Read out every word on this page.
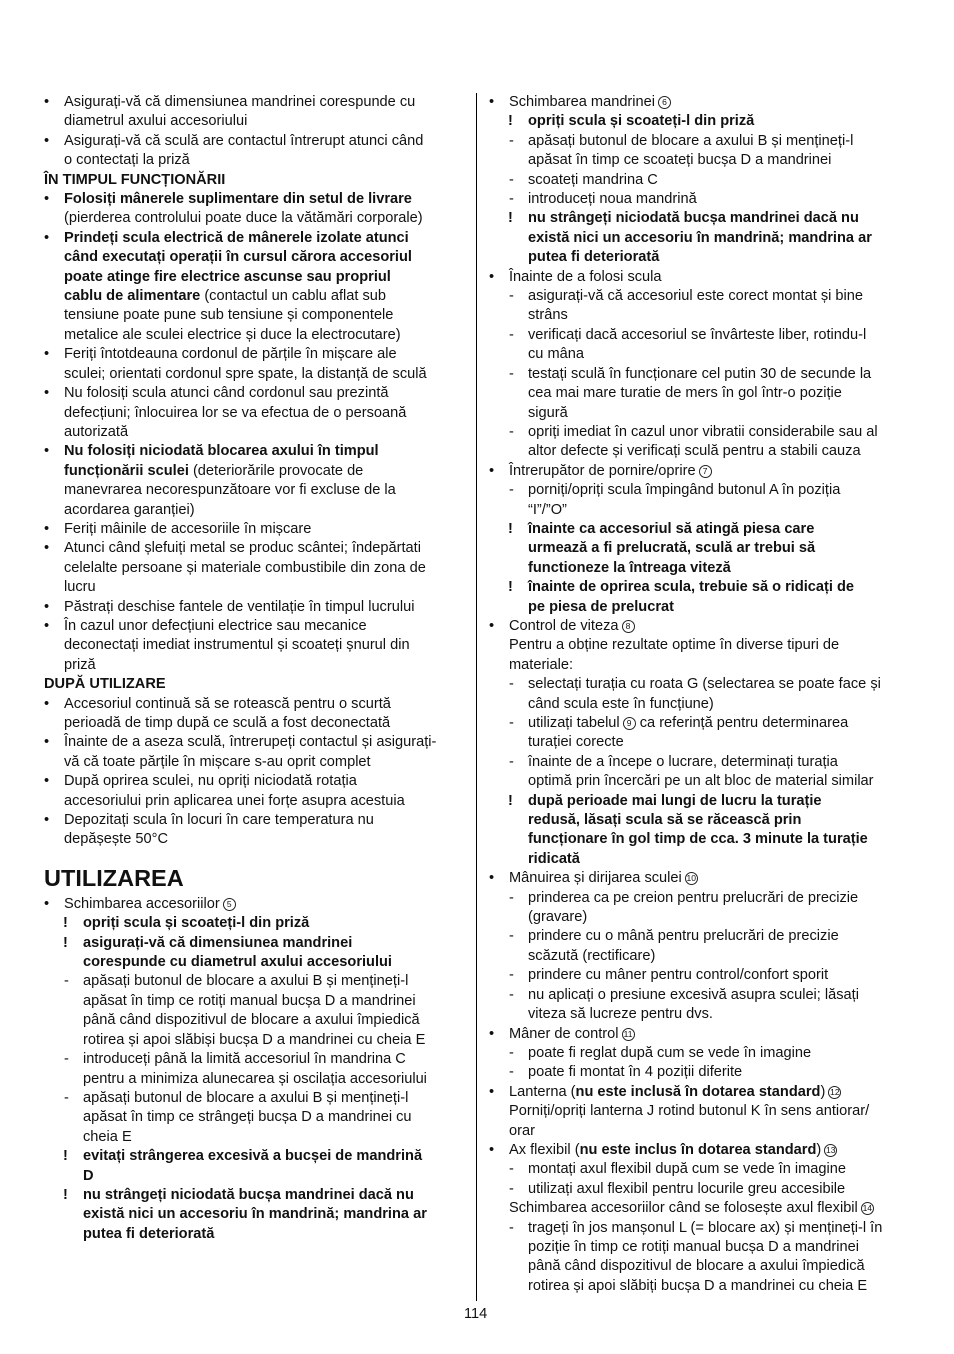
• Asigurați-vă că dimensiunea mandrinei corespunde cu
diametrul axului accesoriului
• Asigurați-vă că sculă are contactul întrerupt atunci când
o contectați la priză
ÎN TIMPUL FUNCȚIONĂRII
• Folosiți mânerele suplimentare din setul de livrare
(pierderea controlului poate duce la vătămări corporale)
• Prindeți scula electrică de mânerele izolate atunci
când executați operații în cursul cărora accesoriul
poate atinge fire electrice ascunse sau propriul
cablu de alimentare (contactul un cablu aflat sub
tensiune poate pune sub tensiune și componentele
metalice ale sculei electrice și duce la electrocutare)
• Feriți întotdeauna cordonul de părțile în mișcare ale
sculei; orientati cordonul spre spate, la distanță de sculă
• Nu folosiți scula atunci când cordonul sau prezintă
defecțiuni; înlocuirea lor se va efectua de o persoană
autorizată
• Nu folosiți niciodată blocarea axului în timpul
funcționării sculei (deteriorările provocate de
manevrarea necorespunzătoare vor fi excluse de la
acordarea garanției)
• Feriți mâinile de accesoriile în mișcare
• Atunci când șlefuiți metal se produc scântei; îndepărtati
celelalte persoane și materiale combustibile din zona de
lucru
• Păstrați deschise fantele de ventilație în timpul lucrului
• În cazul unor defecțiuni electrice sau mecanice
deconectați imediat instrumentul și scoateți șnurul din
priză
DUPĂ UTILIZARE
• Accesoriul continuă să se rotească pentru o scurtă
perioadă de timp după ce sculă a fost deconectată
• Înainte de a aseza sculă, întrerupeți contactul și asigurați-
vă că toate părțile în mișcare s-au oprit complet
• După oprirea sculei, nu opriți niciodată rotația
accesoriului prin aplicarea unei forțe asupra acestuia
• Depozitați scula în locuri în care temperatura nu
depășește 50°C
UTILIZAREA
• Schimbarea accesoriilor 5
! opriți scula și scoateți-l din priză
! asigurați-vă că dimensiunea mandrinei
corespunde cu diametrul axului accesoriului
- apăsați butonul de blocare a axului B și mențineți-l
apăsat în timp ce rotiți manual bucșa D a mandrinei
până când dispozitivul de blocare a axului împiedică
rotirea și apoi slăbiși bucșa D a mandrinei cu cheia E
- introduceți până la limită accesoriul în mandrina C
pentru a minimiza alunecarea și oscilația accesoriului
- apăsați butonul de blocare a axului B și mențineți-l
apăsat în timp ce strângeți bucșa D a mandrinei cu
cheia E
! evitați strângerea excesivă a bucșei de mandrină
D
! nu strângeți niciodată bucșa mandrinei dacă nu
există nici un accesoriu în mandrină; mandrina ar
putea fi deteriorată
• Schimbarea mandrinei 6
! opriți scula și scoateți-l din priză
- apăsați butonul de blocare a axului B și mențineți-l
apăsat în timp ce scoateți bucșa D a mandrinei
- scoateți mandrina C
- introduceți noua mandrină
! nu strângeți niciodată bucșa mandrinei dacă nu
există nici un accesoriu în mandrină; mandrina ar
putea fi deteriorată
• Înainte de a folosi scula
- asigurați-vă că accesoriul este corect montat și bine
strâns
- verificați dacă accesoriul se învârteste liber, rotindu-l
cu mâna
- testați sculă în funcționare cel putin 30 de secunde la
cea mai mare turatie de mers în gol într-o poziție
sigură
- opriți imediat în cazul unor vibratii considerabile sau al
altor defecte și verificați sculă pentru a stabili cauza
• Întrerupător de pornire/oprire 7
- porniți/opriți scula împingând butonul A în poziția
“I”/”O”
! înainte ca accesoriul să atingă piesa care
urmează a fi prelucrată, sculă ar trebui să
functioneze la întreaga viteză
! înainte de oprirea scula, trebuie să o ridicați de
pe piesa de prelucrat
• Control de viteza 8
Pentru a obține rezultate optime în diverse tipuri de
materiale:
- selectați turația cu roata G (selectarea se poate face și
când scula este în funcțiune)
- utilizați tabelul 9 ca referință pentru determinarea
turației corecte
- înainte de a începe o lucrare, determinați turația
optimă prin încercări pe un alt bloc de material similar
! după perioade mai lungi de lucru la turație
redusă, lăsați scula să se răcească prin
funcționare în gol timp de cca. 3 minute la turație
ridicată
• Mânuirea și dirijarea sculei 10
- prinderea ca pe creion pentru prelucrări de precizie
(gravare)
- prindere cu o mână pentru prelucrări de precizie
scăzută (rectificare)
- prindere cu mâner pentru control/confort sporit
- nu aplicați o presiune excesivă asupra sculei; lăsați
viteza să lucreze pentru dvs.
• Mâner de control 11
- poate fi reglat după cum se vede în imagine
- poate fi montat în 4 poziții diferite
• Lanterna (nu este inclusă în dotarea standard) 12
Porniți/opriți lanterna J rotind butonul K în sens antiorar/
orar
• Ax flexibil (nu este inclus în dotarea standard) 13
- montați axul flexibil după cum se vede în imagine
- utilizați axul flexibil pentru locurile greu accesibile
Schimbarea accesoriilor când se folosește axul flexibil 14
- trageți în jos manșonul L (= blocare ax) și mențineți-l în
poziție în timp ce rotiți manual bucșa D a mandrinei
până când dispozitivul de blocare a axului împiedică
rotirea și apoi slăbiți bucșa D a mandrinei cu cheia E
114
